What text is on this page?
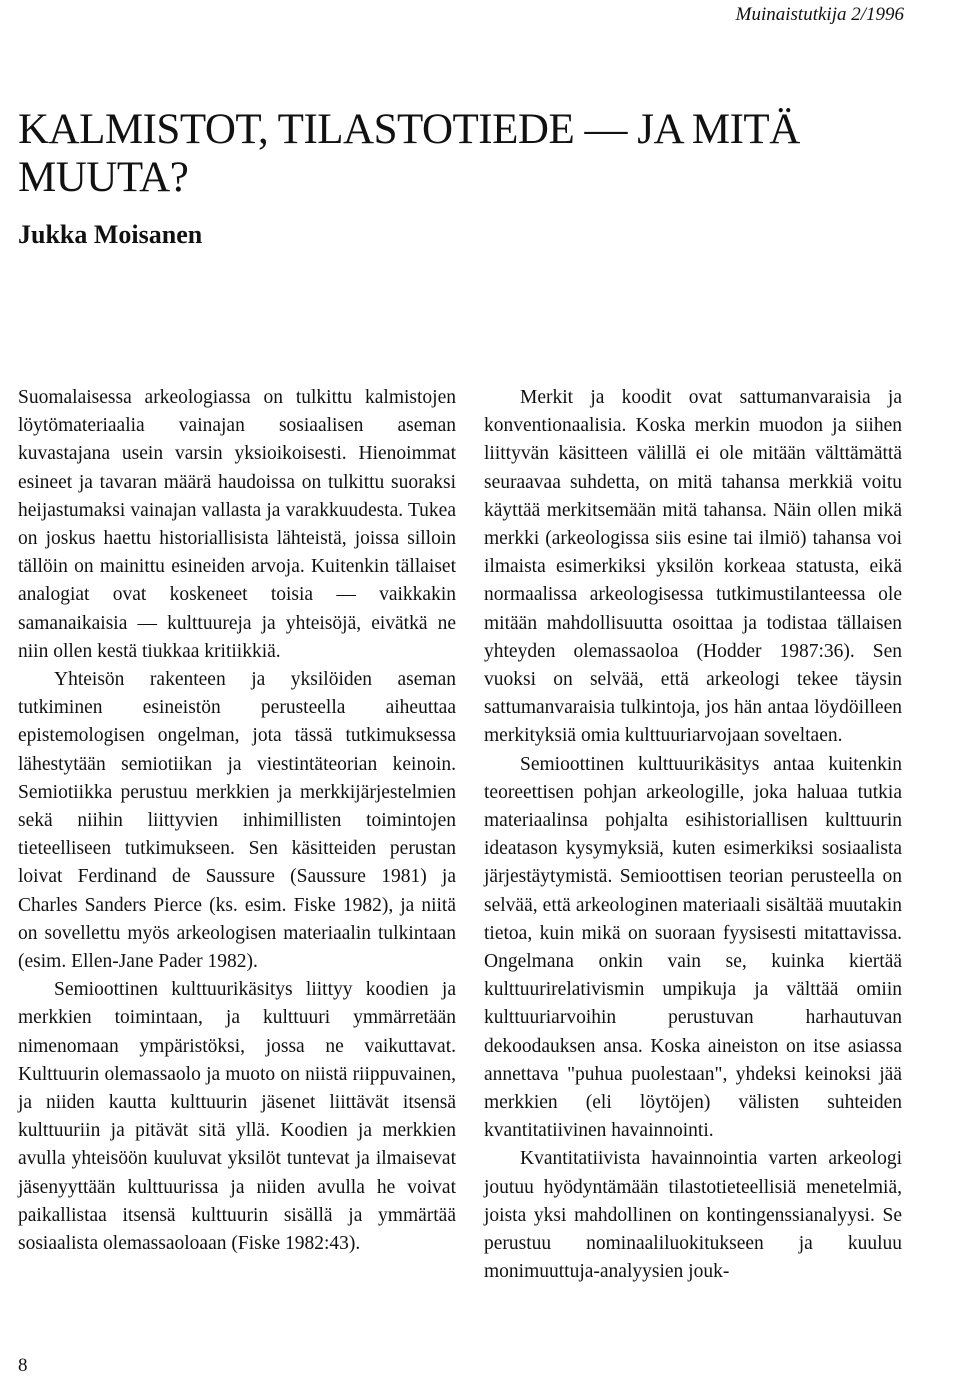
Muinaistutkija 2/1996
KALMISTOT, TILASTOTIEDE — JA MITÄ MUUTA?
Jukka Moisanen

Suomalaisessa arkeologiassa on tulkittu kalmistojen löytömateriaalia vainajan sosiaalisen aseman kuvastajana usein varsin yksioikoisesti. Hienoimmat esineet ja tavaran määrä haudoissa on tulkittu suoraksi heijastumaksi vainajan vallasta ja varakkuudesta. Tukea on joskus haettu historiallisista lähteistä, joissa silloin tällöin on mainittu esineiden arvoja. Kuitenkin tällaiset analogiat ovat koskeneet toisia — vaikkakin samanaikaisia — kulttuureja ja yhteisöjä, eivätkä ne niin ollen kestä tiukkaa kritiikkiä.

Yhteisön rakenteen ja yksilöiden aseman tutkiminen esineistön perusteella aiheuttaa epistemologisen ongelman, jota tässä tutkimuksessa lähestytään semiotiikan ja viestintäteorian keinoin. Semiotiikka perustuu merkkien ja merkkijärjestelmien sekä niihin liittyvien inhimillisten toimintojen tieteelliseen tutkimukseen. Sen käsitteiden perustan loivat Ferdinand de Saussure (Saussure 1981) ja Charles Sanders Pierce (ks. esim. Fiske 1982), ja niitä on sovellettu myös arkeologisen materiaalin tulkintaan (esim. Ellen-Jane Pader 1982).

Semioottinen kulttuurikäsitys liittyy koodien ja merkkien toimintaan, ja kulttuuri ymmärretään nimenomaan ympäristöksi, jossa ne vaikuttavat. Kulttuurin olemassaolo ja muoto on niistä riippuvainen, ja niiden kautta kulttuurin jäsenet liittävät itsensä kulttuuriin ja pitävät sitä yllä. Koodien ja merkkien avulla yhteisöön kuuluvat yksilöt tuntevat ja ilmaisevat jäsenyyttään kulttuurissa ja niiden avulla he voivat paikallistaa itsensä kulttuurin sisällä ja ymmärtää sosiaalista olemassaoloaan (Fiske 1982:43).

Merkit ja koodit ovat sattumanvaraisia ja konventionaalisia. Koska merkin muodon ja siihen liittyvän käsitteen välillä ei ole mitään välttämättä seuraavaa suhdetta, on mitä tahansa merkkiä voitu käyttää merkitsemään mitä tahansa. Näin ollen mikä merkki (arkeologissa siis esine tai ilmiö) tahansa voi ilmaista esimerkiksi yksilön korkeaa statusta, eikä normaalissa arkeologisessa tutkimustilanteessa ole mitään mahdollisuutta osoittaa ja todistaa tällaisen yhteyden olemassaoloa (Hodder 1987:36). Sen vuoksi on selvää, että arkeologi tekee täysin sattumanvaraisia tulkintoja, jos hän antaa löydöilleen merkityksiä omia kulttuuriarvojaan soveltaen.

Semioottinen kulttuurikäsitys antaa kuitenkin teoreettisen pohjan arkeologille, joka haluaa tutkia materiaalinsa pohjalta esihistoriallisen kulttuurin ideatason kysymyksiä, kuten esimerkiksi sosiaalista järjestäytymistä. Semioottisen teorian perusteella on selvää, että arkeologinen materiaali sisältää muutakin tietoa, kuin mikä on suoraan fyysisesti mitattavissa. Ongelmana onkin vain se, kuinka kiertää kulttuurirelativismin umpikuja ja välttää omiin kulttuuriarvoihin perustuvan harhautuvan dekoodauksen ansa. Koska aineiston on itse asiassa annettava "puhua puolestaan", yhdeksi keinoksi jää merkkien (eli löytöjen) välisten suhteiden kvantitatiivinen havainnointi.

Kvantitatiivista havainnointia varten arkeologi joutuu hyödyntämään tilastotieteellisiä menetelmiä, joista yksi mahdollinen on kontingenssianalyysi. Se perustuu nominaaliluokitukseen ja kuuluu monimuuttuja-analyysien jouk-

8
